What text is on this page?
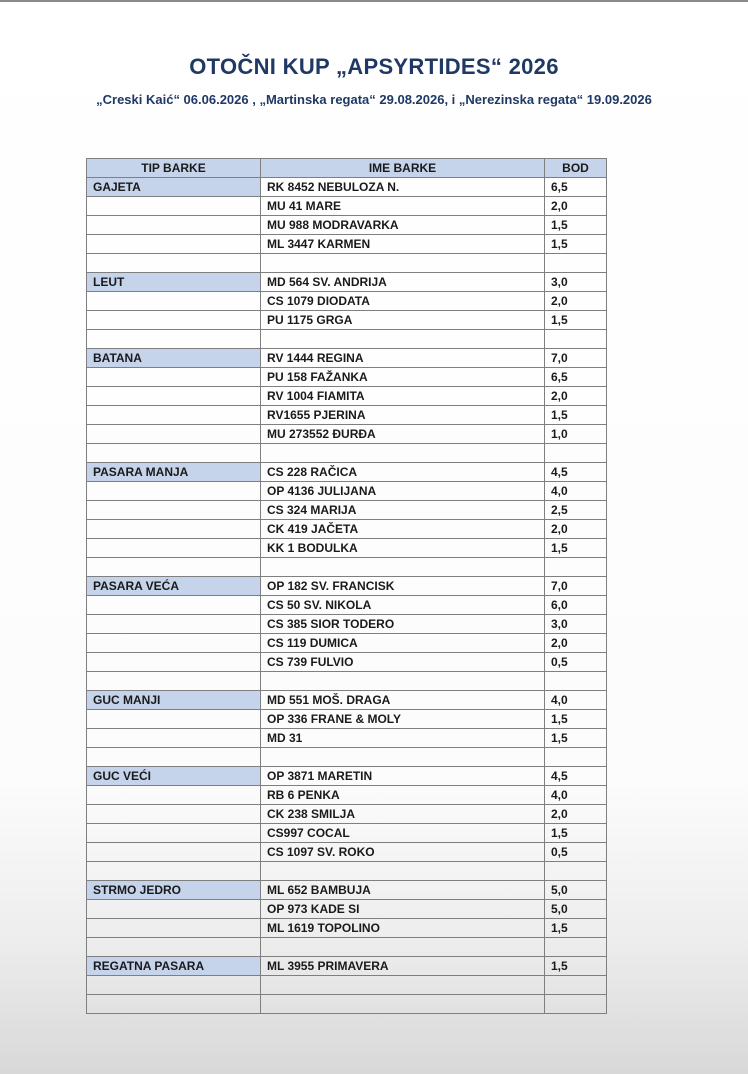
OTOČNI KUP „APSYRTIDES“ 2026
„Creski Kaić“ 06.06.2026 , „Martinska regata“ 29.08.2026, i „Nerezinska regata“ 19.09.2026
TIP BARKE	IME BARKE	BOD
GAJETA	RK 8452 NEBULOZA N.	6,5
	MU 41 MARE	2,0
	MU 988 MODRAVARKA	1,5
	ML 3447 KARMEN	1,5

LEUT	MD 564 SV. ANDRIJA	3,0
	CS 1079 DIODATA	2,0
	PU 1175 GRGA	1,5

BATANA	RV 1444 REGINA	7,0
	PU 158 FAŽANKA	6,5
	RV 1004 FIAMITA	2,0
	RV1655 PJERINA	1,5
	MU 273552 ĐURĐA	1,0

PASARA MANJA	CS 228 RAČICA	4,5
	OP 4136 JULIJANA	4,0
	CS 324 MARIJA	2,5
	CK 419 JAČETA	2,0
	KK 1 BODULKA	1,5

PASARA VEĆA	OP 182 SV. FRANCISK	7,0
	CS 50 SV. NIKOLA	6,0
	CS 385 SIOR TODERO	3,0
	CS 119 DUMICA	2,0
	CS 739 FULVIO	0,5

GUC MANJI	MD 551 MOŠ. DRAGA	4,0
	OP 336 FRANE & MOLY	1,5
	MD 31	1,5

GUC VEĆI	OP 3871 MARETIN	4,5
	RB 6 PENKA	4,0
	CK 238 SMILJA	2,0
	CS997 COCAL	1,5
	CS 1097 SV. ROKO	0,5

STRMO JEDRO	ML 652 BAMBUJA	5,0
	OP 973 KADE SI	5,0
	ML 1619 TOPOLINO	1,5

REGATNA PASARA	ML 3955 PRIMAVERA	1,5
